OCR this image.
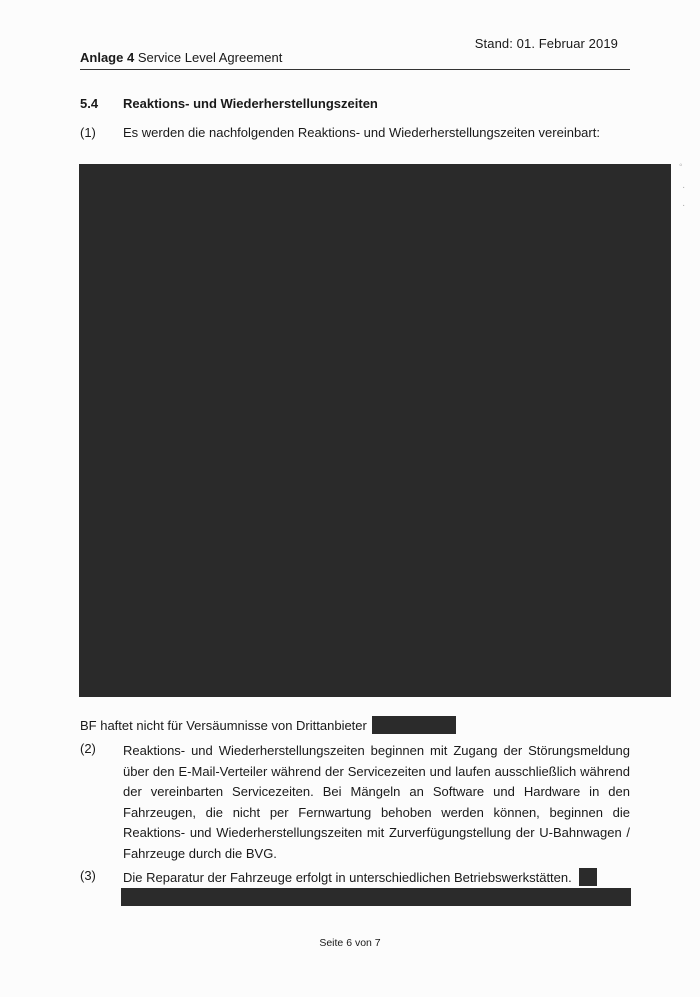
Stand: 01. Februar 2019
Anlage 4 Service Level Agreement
5.4 Reaktions- und Wiederherstellungszeiten
(1) Es werden die nachfolgenden Reaktions- und Wiederherstellungszeiten vereinbart:
BF haftet nicht für Versäumnisse von Drittanbieter
(2) Reaktions- und Wiederherstellungszeiten beginnen mit Zugang der Störungsmeldung über den E-Mail-Verteiler während der Servicezeiten und laufen ausschließlich während der vereinbarten Servicezeiten. Bei Mängeln an Software und Hardware in den Fahrzeugen, die nicht per Fernwartung behoben werden können, beginnen die Reaktions- und Wiederherstellungszeiten mit Zurverfügungstellung der U-Bahnwagen / Fahrzeuge durch die BVG.
(3) Die Reparatur der Fahrzeuge erfolgt in unterschiedlichen Betriebswerkstätten.
Seite 6 von 7
◦
·
·
